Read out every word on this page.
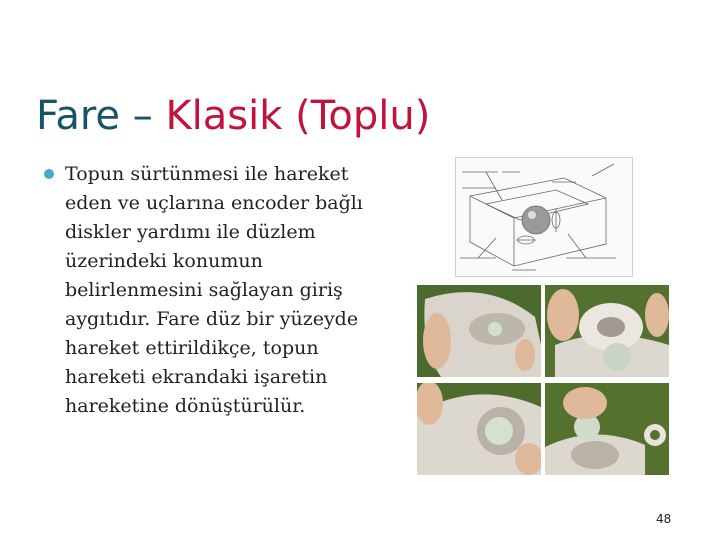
Fare – Klasik (Toplu)
Topun sürtünmesi ile hareket eden ve uçlarına encoder bağlı diskler yardımı ile düzlem üzerindeki konumun belirlenmesini sağlayan giriş aygıtıdır. Fare düz bir yüzeyde hareket ettirildikçe, topun hareketi ekrandaki işaretin hareketine dönüştürülür.
48
